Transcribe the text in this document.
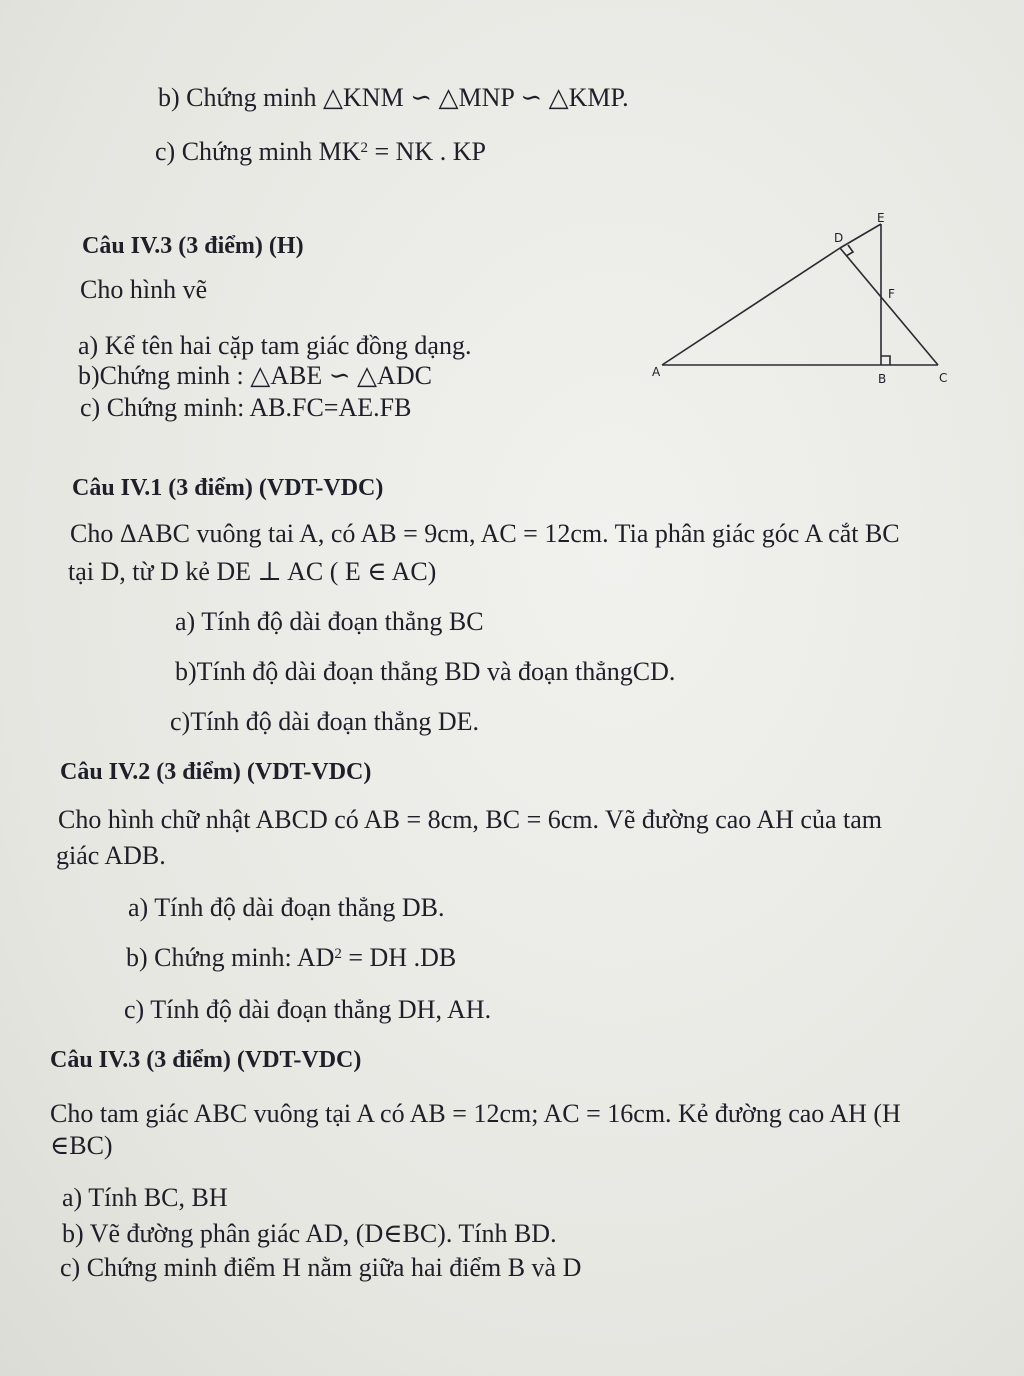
b) Chứng minh △KNM ∽ △MNP ∽ △KMP.
c) Chứng minh $MK^2$ = NK . KP
Câu IV.3 (3 điểm) (H)
Cho hình vẽ
a) Kể tên hai cặp tam giác đồng dạng.
b)Chứng minh : △ABE ∽ △ADC
c) Chứng minh: AB.FC=AE.FB
E
D
F
A	B	C
Câu IV.1 (3 điểm) (VDT-VDC)
Cho ΔABC vuông tai A, có AB = 9cm, AC = 12cm. Tia phân giác góc A cắt BC
tại D, từ D kẻ DE ⊥ AC ( E ∈ AC)
a) Tính độ dài đoạn thẳng BC
b)Tính độ dài đoạn thẳng BD và đoạn thẳngCD.
c)Tính độ dài đoạn thẳng DE.
Câu IV.2 (3 điểm) (VDT-VDC)
Cho hình chữ nhật ABCD có AB = 8cm, BC = 6cm. Vẽ đường cao AH của tam
giác ADB.
a) Tính độ dài đoạn thẳng DB.
b) Chứng minh: $AD^2$ = DH .DB
c) Tính độ dài đoạn thẳng DH, AH.
Câu IV.3 (3 điểm) (VDT-VDC)
Cho tam giác ABC vuông tại A có AB = 12cm; AC = 16cm. Kẻ đường cao AH (H
∈BC)
a) Tính BC, BH
b) Vẽ đường phân giác AD, (D∈BC). Tính BD.
c) Chứng minh điểm H nằm giữa hai điểm B và D
